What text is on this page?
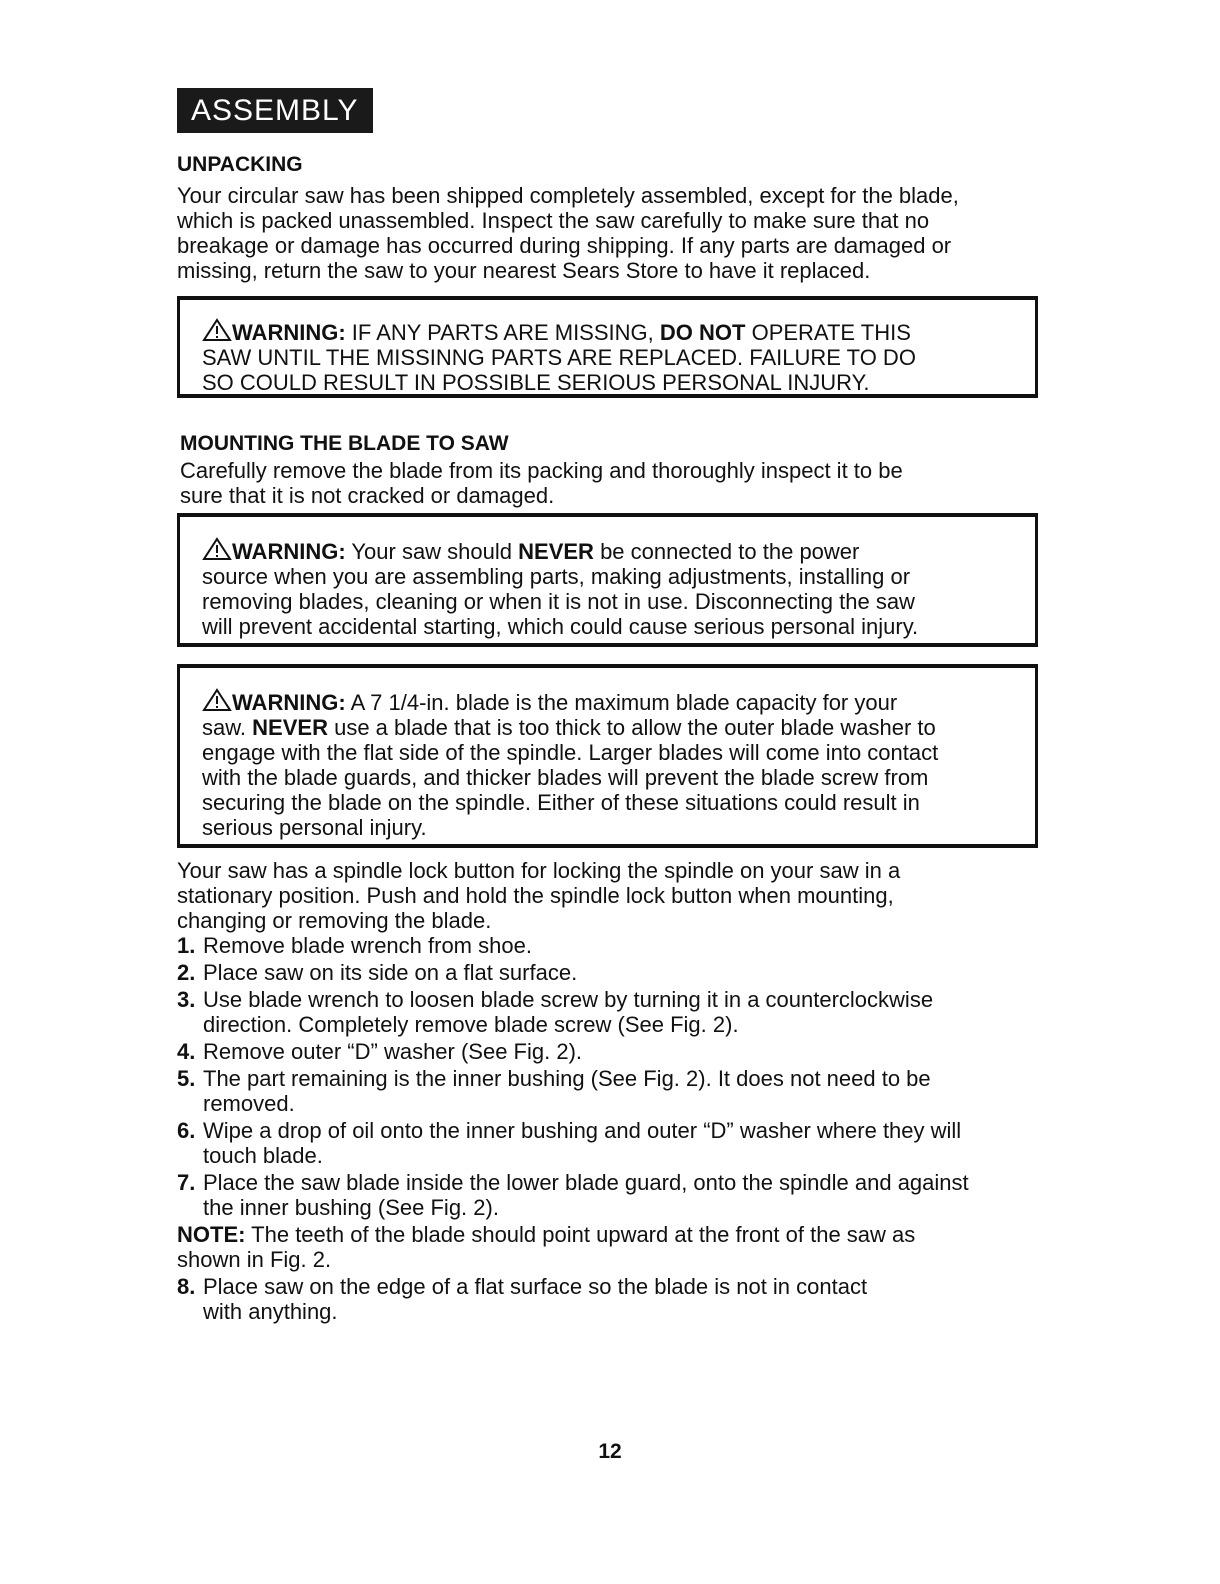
ASSEMBLY
UNPACKING
Your circular saw has been shipped completely assembled, except for the blade,
which is packed unassembled. Inspect the saw carefully to make sure that no
breakage or damage has occurred during shipping. If any parts are damaged or
missing, return the saw to your nearest Sears Store to have it replaced.
WARNING: IF ANY PARTS ARE MISSING, DO NOT OPERATE THIS
SAW UNTIL THE MISSINNG PARTS ARE REPLACED. FAILURE TO DO
SO COULD RESULT IN POSSIBLE SERIOUS PERSONAL INJURY.
MOUNTING THE BLADE TO SAW
Carefully remove the blade from its packing and thoroughly inspect it to be
sure that it is not cracked or damaged.
WARNING: Your saw should NEVER be connected to the power
source when you are assembling parts, making adjustments, installing or
removing blades, cleaning or when it is not in use. Disconnecting the saw
will prevent accidental starting, which could cause serious personal injury.
WARNING: A 7 1/4-in. blade is the maximum blade capacity for your
saw. NEVER use a blade that is too thick to allow the outer blade washer to
engage with the flat side of the spindle. Larger blades will come into contact
with the blade guards, and thicker blades will prevent the blade screw from
securing the blade on the spindle. Either of these situations could result in
serious personal injury.
Your saw has a spindle lock button for locking the spindle on your saw in a
stationary position. Push and hold the spindle lock button when mounting,
changing or removing the blade.
1. Remove blade wrench from shoe.
2. Place saw on its side on a flat surface.
3. Use blade wrench to loosen blade screw by turning it in a counterclockwise direction. Completely remove blade screw (See Fig. 2).
4. Remove outer “D” washer (See Fig. 2).
5. The part remaining is the inner bushing (See Fig. 2). It does not need to be removed.
6. Wipe a drop of oil onto the inner bushing and outer “D” washer where they will touch blade.
7. Place the saw blade inside the lower blade guard, onto the spindle and against the inner bushing (See Fig. 2).
NOTE: The teeth of the blade should point upward at the front of the saw as shown in Fig. 2.
8. Place saw on the edge of a flat surface so the blade is not in contact with anything.
12
